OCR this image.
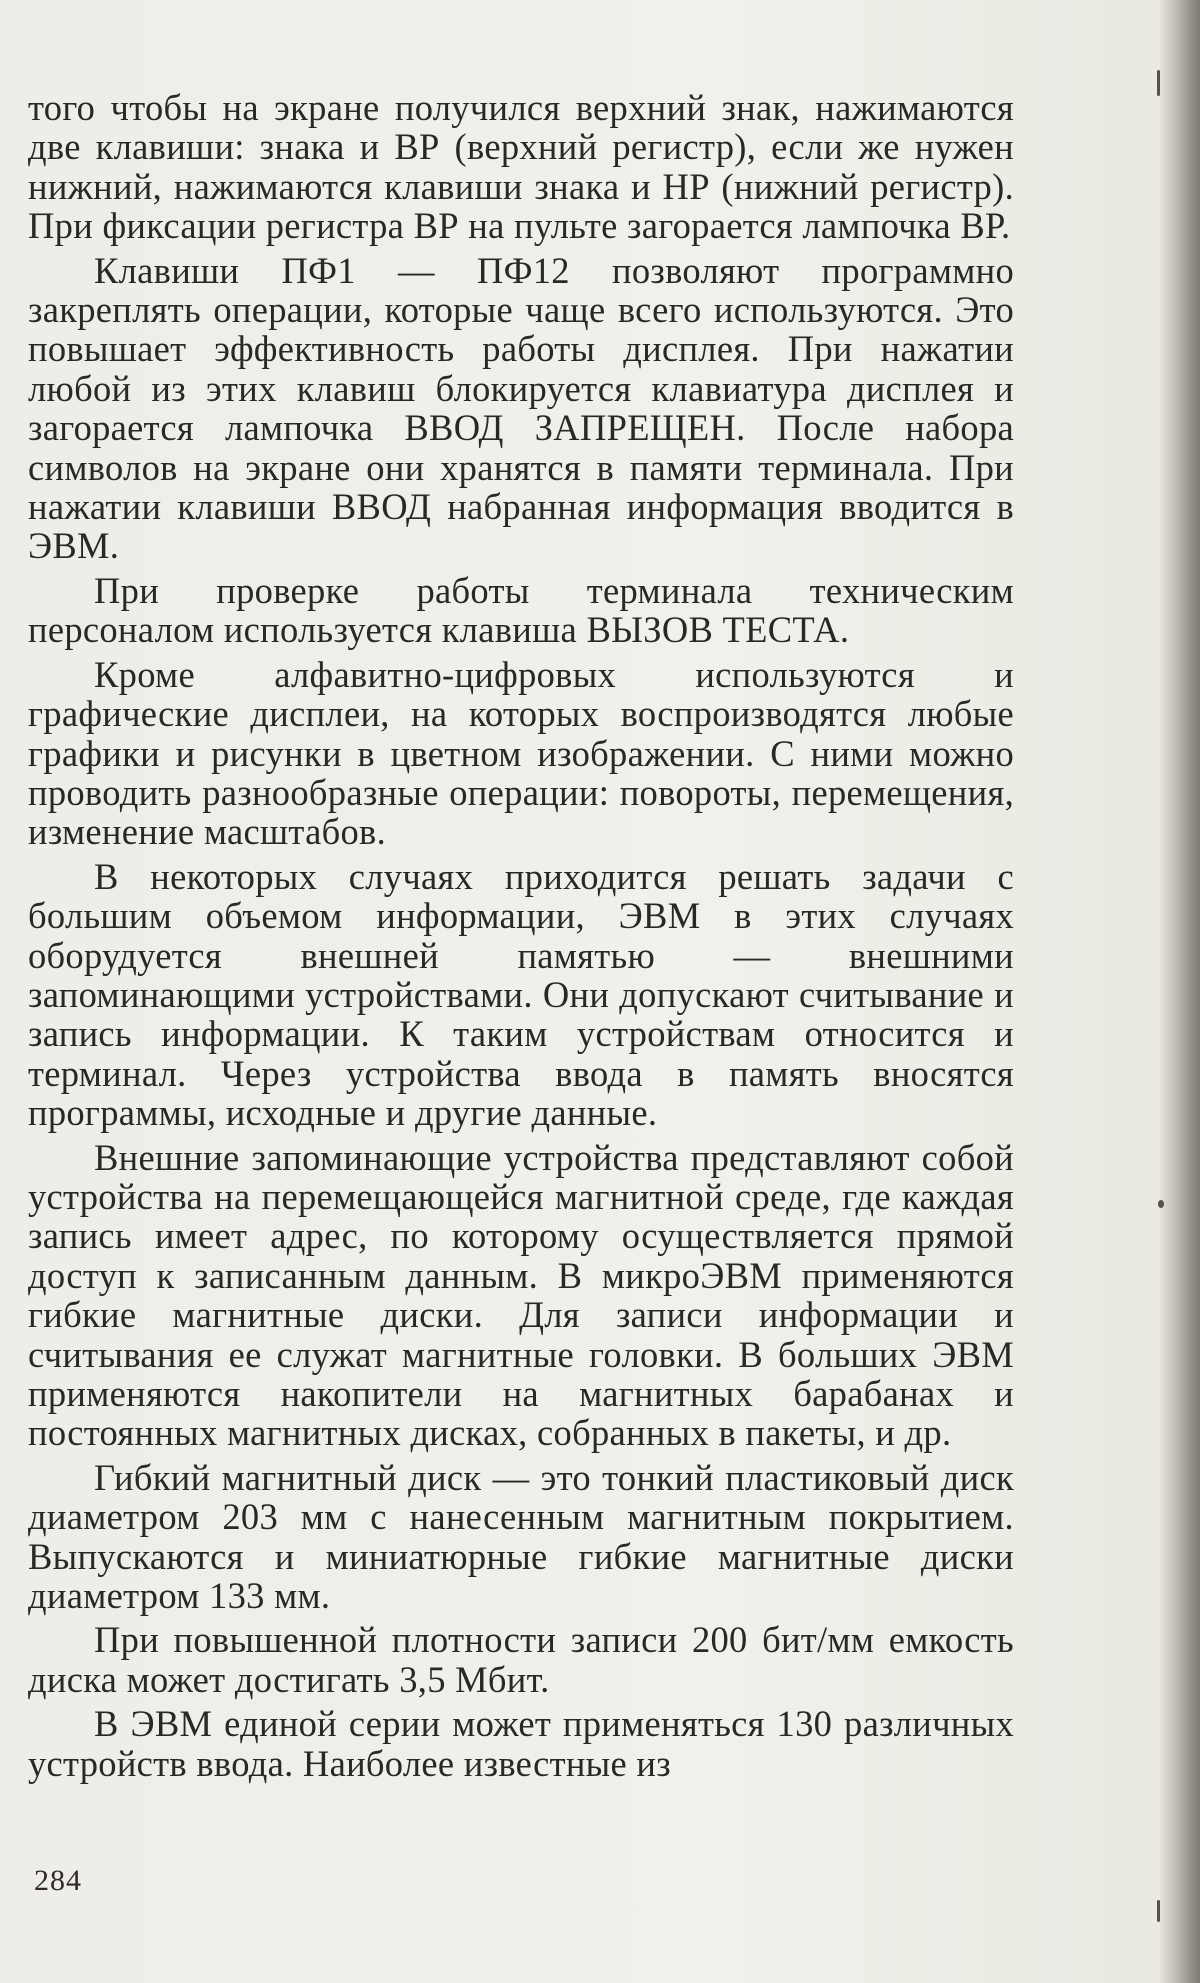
того чтобы на экране получился верхний знак, нажимаются две клавиши: знака и ВР (верхний регистр), если же нужен нижний, нажимаются клавиши знака и НР (нижний регистр). При фиксации регистра ВР на пульте загорается лампочка ВР.

Клавиши ПФ1 — ПФ12 позволяют программно закреплять операции, которые чаще всего используются. Это повышает эффективность работы дисплея. При нажатии любой из этих клавиш блокируется клавиатура дисплея и загорается лампочка ВВОД ЗАПРЕЩЕН. После набора символов на экране они хранятся в памяти терминала. При нажатии клавиши ВВОД набранная информация вводится в ЭВМ.

При проверке работы терминала техническим персоналом используется клавиша ВЫЗОВ ТЕСТА.

Кроме алфавитно-цифровых используются и графические дисплеи, на которых воспроизводятся любые графики и рисунки в цветном изображении. С ними можно проводить разнообразные операции: повороты, перемещения, изменение масштабов.

В некоторых случаях приходится решать задачи с большим объемом информации, ЭВМ в этих случаях оборудуется внешней памятью — внешними запоминающими устройствами. Они допускают считывание и запись информации. К таким устройствам относится и терминал. Через устройства ввода в память вносятся программы, исходные и другие данные.

Внешние запоминающие устройства представляют собой устройства на перемещающейся магнитной среде, где каждая запись имеет адрес, по которому осуществляется прямой доступ к записанным данным. В микроЭВМ применяются гибкие магнитные диски. Для записи информации и считывания ее служат магнитные головки. В больших ЭВМ применяются накопители на магнитных барабанах и постоянных магнитных дисках, собранных в пакеты, и др.

Гибкий магнитный диск — это тонкий пластиковый диск диаметром 203 мм с нанесенным магнитным покрытием. Выпускаются и миниатюрные гибкие магнитные диски диаметром 133 мм.

При повышенной плотности записи 200 бит/мм емкость диска может достигать 3,5 Мбит.

В ЭВМ единой серии может применяться 130 различных устройств ввода. Наиболее известные из

284
